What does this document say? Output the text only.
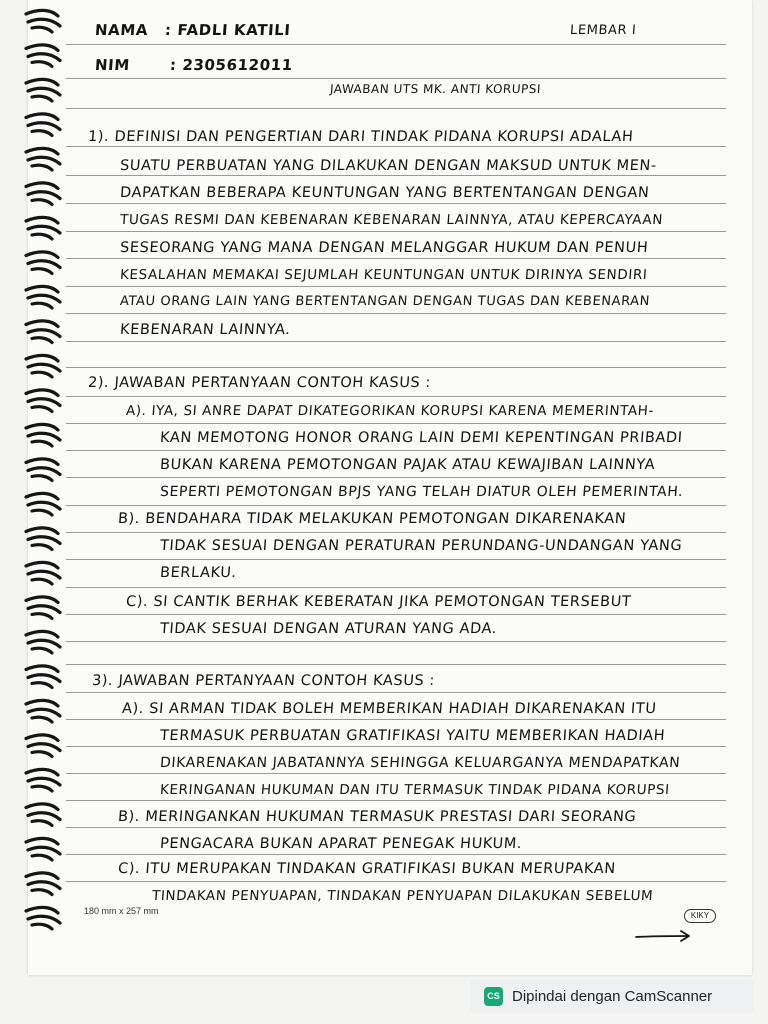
NAMA : FADLI KATILI	LEMBAR I
NIM	: 2305612011
JAWABAN UTS MK. ANTI KORUPSI
1). DEFINISI DAN PENGERTIAN DARI TINDAK PIDANA KORUPSI ADALAH
SUATU PERBUATAN YANG DILAKUKAN DENGAN MAKSUD UNTUK MEN-
DAPATKAN BEBERAPA KEUNTUNGAN YANG BERTENTANGAN DENGAN
TUGAS RESMI DAN KEBENARAN KEBENARAN LAINNYA, ATAU KEPERCAYAAN
SESEORANG YANG MANA DENGAN MELANGGAR HUKUM DAN PENUH
KESALAHAN MEMAKAI SEJUMLAH KEUNTUNGAN UNTUK DIRINYA SENDIRI
ATAU ORANG LAIN YANG BERTENTANGAN DENGAN TUGAS DAN KEBENARAN
KEBENARAN LAINNYA.
2). JAWABAN PERTANYAAN CONTOH KASUS :
A). IYA, SI ANRE DAPAT DIKATEGORIKAN KORUPSI KARENA MEMERINTAH-
KAN MEMOTONG HONOR ORANG LAIN DEMI KEPENTINGAN PRIBADI
BUKAN KARENA PEMOTONGAN PAJAK ATAU KEWAJIBAN LAINNYA
SEPERTI PEMOTONGAN BPJS YANG TELAH DIATUR OLEH PEMERINTAH.
B). BENDAHARA TIDAK MELAKUKAN PEMOTONGAN DIKARENAKAN
TIDAK SESUAI DENGAN PERATURAN PERUNDANG-UNDANGAN YANG
BERLAKU.
C). SI CANTIK BERHAK KEBERATAN JIKA PEMOTONGAN TERSEBUT
TIDAK SESUAI DENGAN ATURAN YANG ADA.
3). JAWABAN PERTANYAAN CONTOH KASUS :
A). SI ARMAN TIDAK BOLEH MEMBERIKAN HADIAH DIKARENAKAN ITU
TERMASUK PERBUATAN GRATIFIKASI YAITU MEMBERIKAN HADIAH
DIKARENAKAN JABATANNYA SEHINGGA KELUARGANYA MENDAPATKAN
KERINGANAN HUKUMAN DAN ITU TERMASUK TINDAK PIDANA KORUPSI
B). MERINGANKAN HUKUMAN TERMASUK PRESTASI DARI SEORANG
PENGACARA BUKAN APARAT PENEGAK HUKUM.
C). ITU MERUPAKAN TINDAKAN GRATIFIKASI BUKAN MERUPAKAN
TINDAKAN PENYUAPAN, TINDAKAN PENYUAPAN DILAKUKAN SEBELUM
180 mm x 257 mm	KIKY
CS Dipindai dengan CamScanner
